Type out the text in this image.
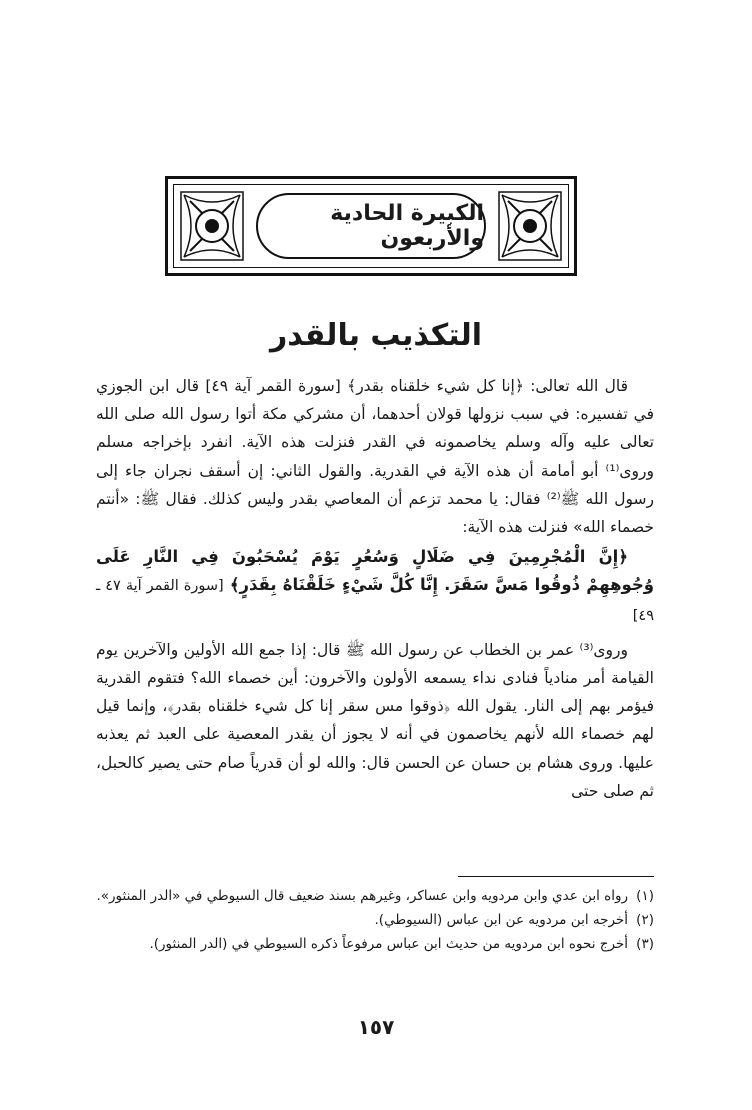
الكبيرة الحادية والأربعون
التكذيب بالقدر

قال الله تعالى: ﴿إنا كل شيء خلقناه بقدر﴾ [سورة القمر آية ٤٩] قال ابن الجوزي في تفسيره: في سبب نزولها قولان أحدهما، أن مشركي مكة أتوا رسول الله صلى الله تعالى عليه وآله وسلم يخاصمونه في القدر فنزلت هذه الآية. انفرد بإخراجه مسلم وروى⁽¹⁾ أبو أمامة أن هذه الآية في القدرية. والقول الثاني: إن أسقف نجران جاء إلى رسول الله ﷺ⁽²⁾ فقال: يا محمد تزعم أن المعاصي بقدر وليس كذلك. فقال ﷺ: «أنتم خصماء الله» فنزلت هذه الآية:

﴿إِنَّ الْمُجْرِمِينَ فِي ضَلَالٍ وَسُعُرٍ يَوْمَ يُسْحَبُونَ فِي النَّارِ عَلَى وُجُوهِهِمْ ذُوقُوا مَسَّ سَقَرَ. إِنَّا كُلَّ شَيْءٍ خَلَقْنَاهُ بِقَدَرٍ﴾ [سورة القمر آية ٤٧ ـ ٤٩]

وروى⁽³⁾ عمر بن الخطاب عن رسول الله ﷺ قال: إذا جمع الله الأولين والآخرين يوم القيامة أمر منادياً فنادى نداء يسمعه الأولون والآخرون: أين خصماء الله؟ فتقوم القدرية فيؤمر بهم إلى النار. يقول الله ﴿ذوقوا مس سقر إنا كل شيء خلقناه بقدر﴾، وإنما قيل لهم خصماء الله لأنهم يخاصمون في أنه لا يجوز أن يقدر المعصية على العبد ثم يعذبه عليها. وروى هشام بن حسان عن الحسن قال: والله لو أن قدرياً صام حتى يصير كالحبل، ثم صلى حتى

(١)
رواه ابن عدي وابن مردويه وابن عساكر، وغيرهم بسند ضعيف قال السيوطي في «الدر المنثور».
(٢)
أخرجه ابن مردويه عن ابن عباس (السيوطي).
(٣)
أخرج نحوه ابن مردويه من حديث ابن عباس مرفوعاً ذكره السيوطي في (الدر المنثور).
١٥٧
